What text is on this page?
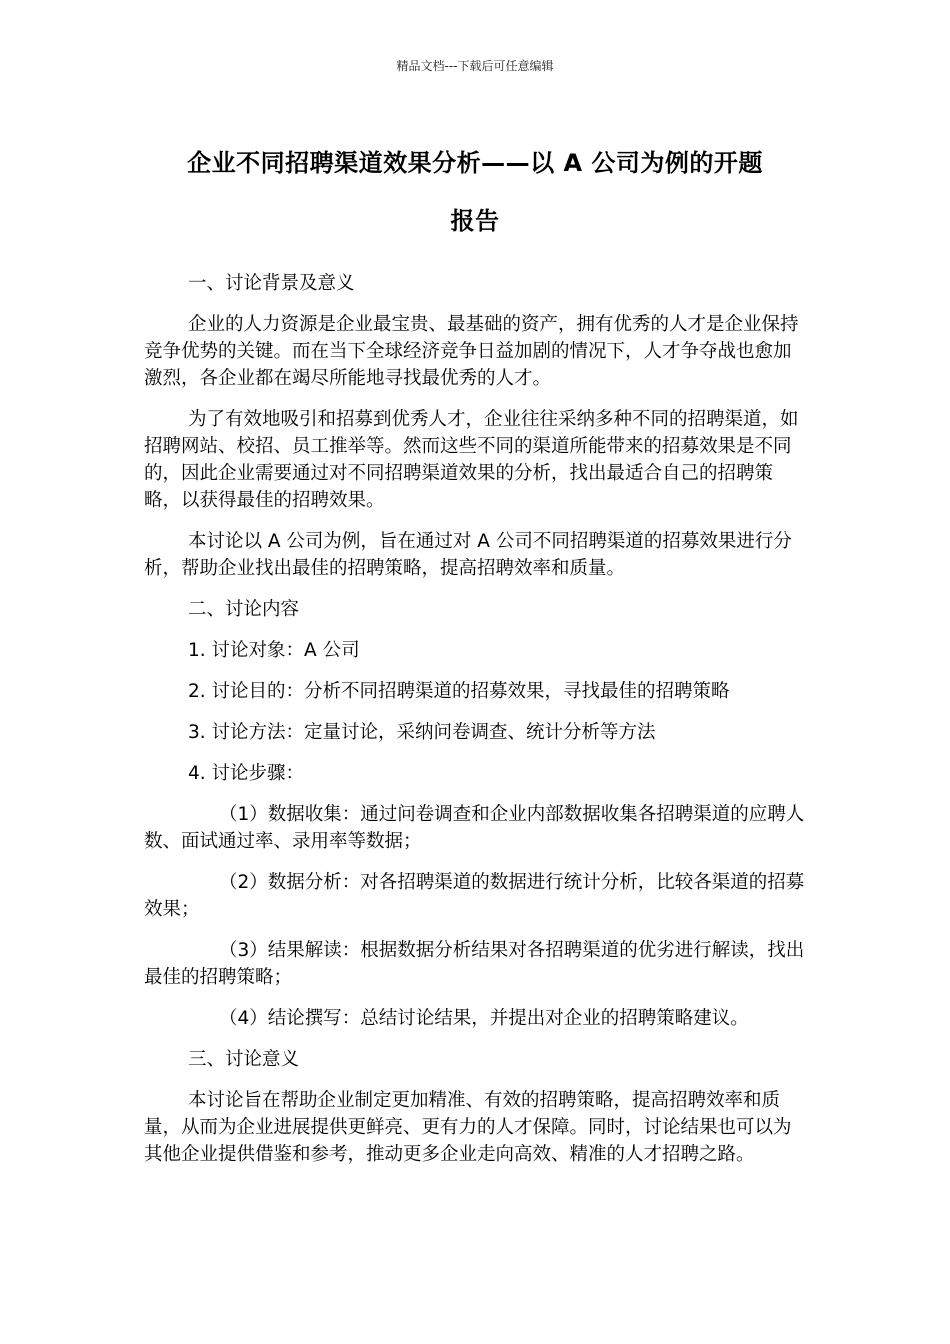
精品文档---下载后可任意编辑
企业不同招聘渠道效果分析——以 A 公司为例的开题
报告

一、讨论背景及意义

企业的人力资源是企业最宝贵、最基础的资产，拥有优秀的人才是企业保持竞争优势的关键。而在当下全球经济竞争日益加剧的情况下，人才争夺战也愈加激烈，各企业都在竭尽所能地寻找最优秀的人才。

为了有效地吸引和招募到优秀人才，企业往往采纳多种不同的招聘渠道，如招聘网站、校招、员工推举等。然而这些不同的渠道所能带来的招募效果是不同的，因此企业需要通过对不同招聘渠道效果的分析，找出最适合自己的招聘策略，以获得最佳的招聘效果。

本讨论以 A 公司为例，旨在通过对 A 公司不同招聘渠道的招募效果进行分析，帮助企业找出最佳的招聘策略，提高招聘效率和质量。

二、讨论内容

1. 讨论对象：A 公司

2. 讨论目的：分析不同招聘渠道的招募效果，寻找最佳的招聘策略

3. 讨论方法：定量讨论，采纳问卷调查、统计分析等方法

4. 讨论步骤：

（1）数据收集：通过问卷调查和企业内部数据收集各招聘渠道的应聘人数、面试通过率、录用率等数据；

（2）数据分析：对各招聘渠道的数据进行统计分析，比较各渠道的招募效果；

（3）结果解读：根据数据分析结果对各招聘渠道的优劣进行解读，找出最佳的招聘策略；

（4）结论撰写：总结讨论结果，并提出对企业的招聘策略建议。

三、讨论意义

本讨论旨在帮助企业制定更加精准、有效的招聘策略，提高招聘效率和质量，从而为企业进展提供更鲜亮、更有力的人才保障。同时，讨论结果也可以为其他企业提供借鉴和参考，推动更多企业走向高效、精准的人才招聘之路。
